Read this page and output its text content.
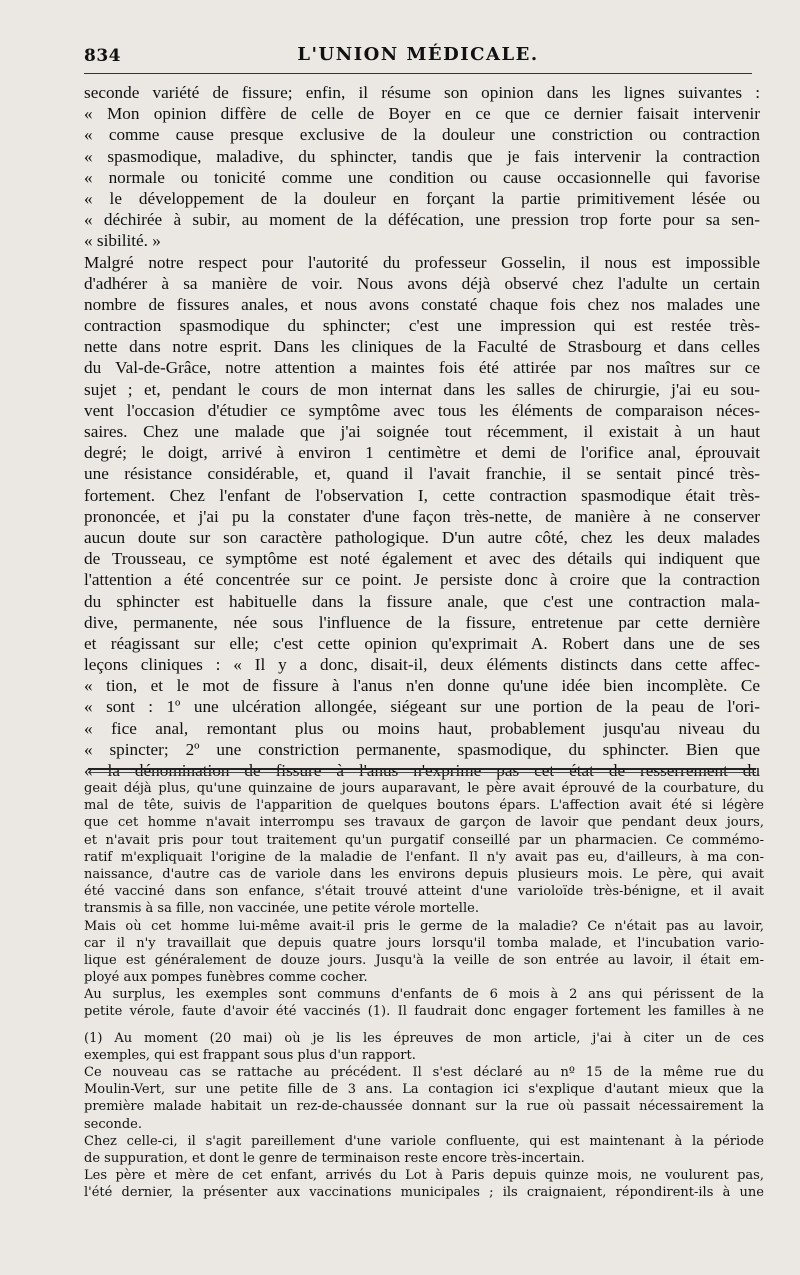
834	L'UNION MÉDICALE.
seconde variété de fissure; enfin, il résume son opinion dans les lignes suivantes :
« Mon opinion diffère de celle de Boyer en ce que ce dernier faisait intervenir
« comme cause presque exclusive de la douleur une constriction ou contraction
« spasmodique, maladive, du sphincter, tandis que je fais intervenir la contraction
« normale ou tonicité comme une condition ou cause occasionnelle qui favorise
« le développement de la douleur en forçant la partie primitivement lésée ou
« déchirée à subir, au moment de la défécation, une pression trop forte pour sa sen-
« sibilité. »
Malgré notre respect pour l'autorité du professeur Gosselin, il nous est impossible
d'adhérer à sa manière de voir. Nous avons déjà observé chez l'adulte un certain
nombre de fissures anales, et nous avons constaté chaque fois chez nos malades une
contraction spasmodique du sphincter; c'est une impression qui est restée très-
nette dans notre esprit. Dans les cliniques de la Faculté de Strasbourg et dans celles
du Val-de-Grâce, notre attention a maintes fois été attirée par nos maîtres sur ce
sujet ; et, pendant le cours de mon internat dans les salles de chirurgie, j'ai eu sou-
vent l'occasion d'étudier ce symptôme avec tous les éléments de comparaison néces-
saires. Chez une malade que j'ai soignée tout récemment, il existait à un haut
degré; le doigt, arrivé à environ 1 centimètre et demi de l'orifice anal, éprouvait
une résistance considérable, et, quand il l'avait franchie, il se sentait pincé très-
fortement. Chez l'enfant de l'observation I, cette contraction spasmodique était très-
prononcée, et j'ai pu la constater d'une façon très-nette, de manière à ne conserver
aucun doute sur son caractère pathologique. D'un autre côté, chez les deux malades
de Trousseau, ce symptôme est noté également et avec des détails qui indiquent que
l'attention a été concentrée sur ce point. Je persiste donc à croire que la contraction
du sphincter est habituelle dans la fissure anale, que c'est une contraction mala-
dive, permanente, née sous l'influence de la fissure, entretenue par cette dernière
et réagissant sur elle; c'est cette opinion qu'exprimait A. Robert dans une de ses
leçons cliniques : « Il y a donc, disait-il, deux éléments distincts dans cette affec-
« tion, et le mot de fissure à l'anus n'en donne qu'une idée bien incomplète. Ce
« sont : 1º une ulcération allongée, siégeant sur une portion de la peau de l'ori-
« fice anal, remontant plus ou moins haut, probablement jusqu'au niveau du
« spincter; 2º une constriction permanente, spasmodique, du sphincter. Bien que
« la dénomination de fissure à l'anus n'exprime pas cet état de resserrement du
geait déjà plus, qu'une quinzaine de jours auparavant, le père avait éprouvé de la courbature, du
mal de tête, suivis de l'apparition de quelques boutons épars. L'affection avait été si légère
que cet homme n'avait interrompu ses travaux de garçon de lavoir que pendant deux jours,
et n'avait pris pour tout traitement qu'un purgatif conseillé par un pharmacien. Ce commémo-
ratif m'expliquait l'origine de la maladie de l'enfant. Il n'y avait pas eu, d'ailleurs, à ma con-
naissance, d'autre cas de variole dans les environs depuis plusieurs mois. Le père, qui avait
été vacciné dans son enfance, s'était trouvé atteint d'une varioloïde très-bénigne, et il avait
transmis à sa fille, non vaccinée, une petite vérole mortelle.
Mais où cet homme lui-même avait-il pris le germe de la maladie? Ce n'était pas au lavoir,
car il n'y travaillait que depuis quatre jours lorsqu'il tomba malade, et l'incubation vario-
lique est généralement de douze jours. Jusqu'à la veille de son entrée au lavoir, il était em-
ployé aux pompes funèbres comme cocher.
Au surplus, les exemples sont communs d'enfants de 6 mois à 2 ans qui périssent de la
petite vérole, faute d'avoir été vaccinés (1). Il faudrait donc engager fortement les familles à ne
(1) Au moment (20 mai) où je lis les épreuves de mon article, j'ai à citer un de ces
exemples, qui est frappant sous plus d'un rapport.
Ce nouveau cas se rattache au précédent. Il s'est déclaré au nº 15 de la même rue du
Moulin-Vert, sur une petite fille de 3 ans. La contagion ici s'explique d'autant mieux que la
première malade habitait un rez-de-chaussée donnant sur la rue où passait nécessairement la
seconde.
Chez celle-ci, il s'agit pareillement d'une variole confluente, qui est maintenant à la période
de suppuration, et dont le genre de terminaison reste encore très-incertain.
Les père et mère de cet enfant, arrivés du Lot à Paris depuis quinze mois, ne voulurent pas,
l'été dernier, la présenter aux vaccinations municipales ; ils craignaient, répondirent-ils à une
